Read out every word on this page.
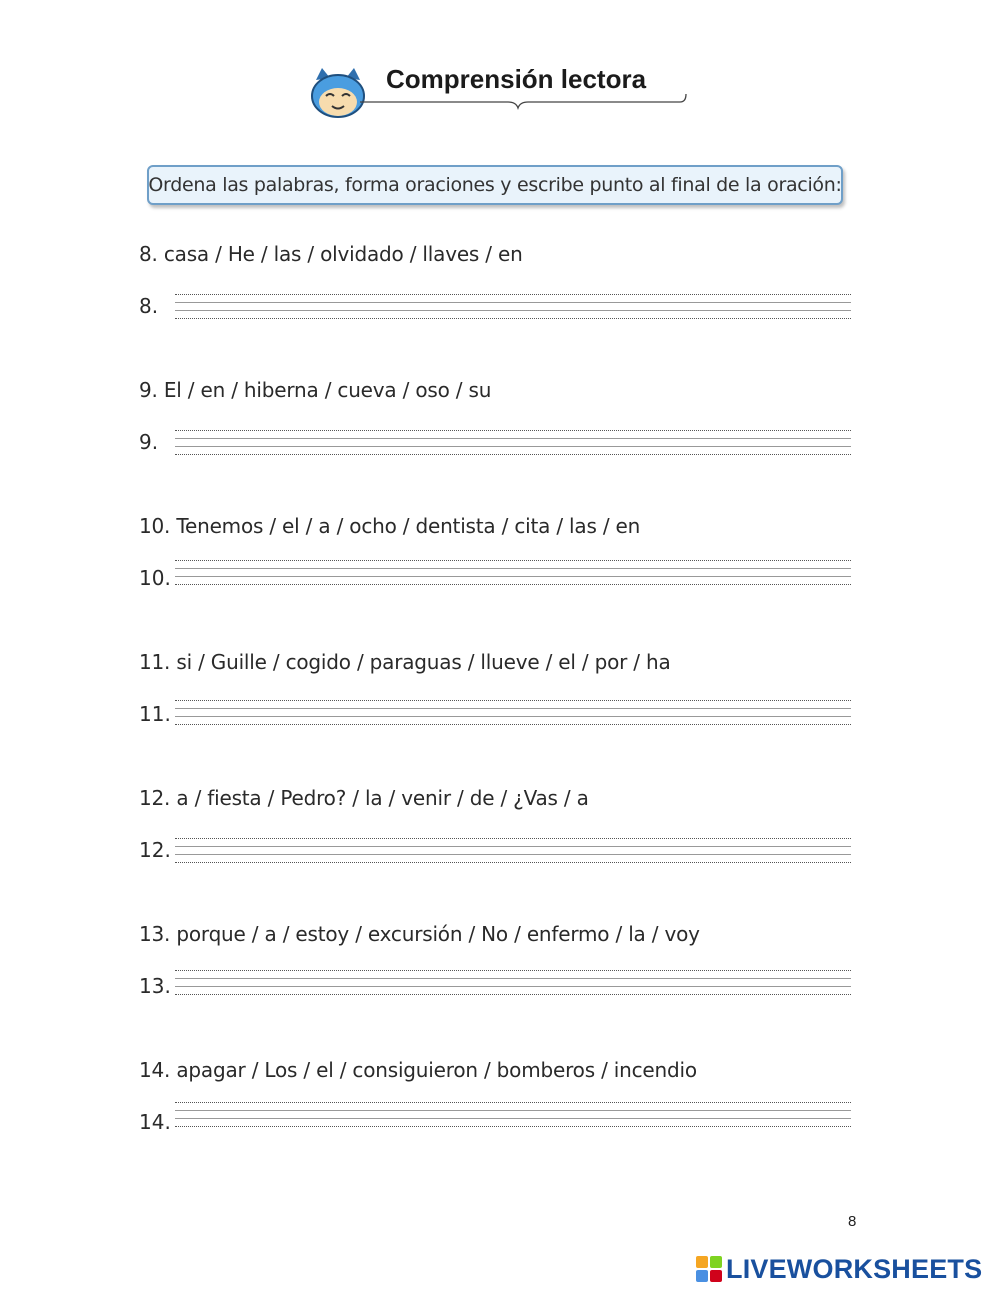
Comprensión lectora
Ordena las palabras, forma oraciones y escribe punto al final de la oración:
8. casa / He / las / olvidado / llaves / en
8.
9. El / en / hiberna / cueva / oso / su
9.
10. Tenemos / el / a / ocho / dentista / cita / las / en
10.
11. si / Guille / cogido / paraguas / llueve / el / por / ha
11.
12. a / fiesta / Pedro? / la / venir / de / ¿Vas / a
12.
13. porque / a / estoy / excursión / No / enfermo / la / voy
13.
14. apagar / Los / el / consiguieron / bomberos / incendio
14.
8
LIVEWORKSHEETS
